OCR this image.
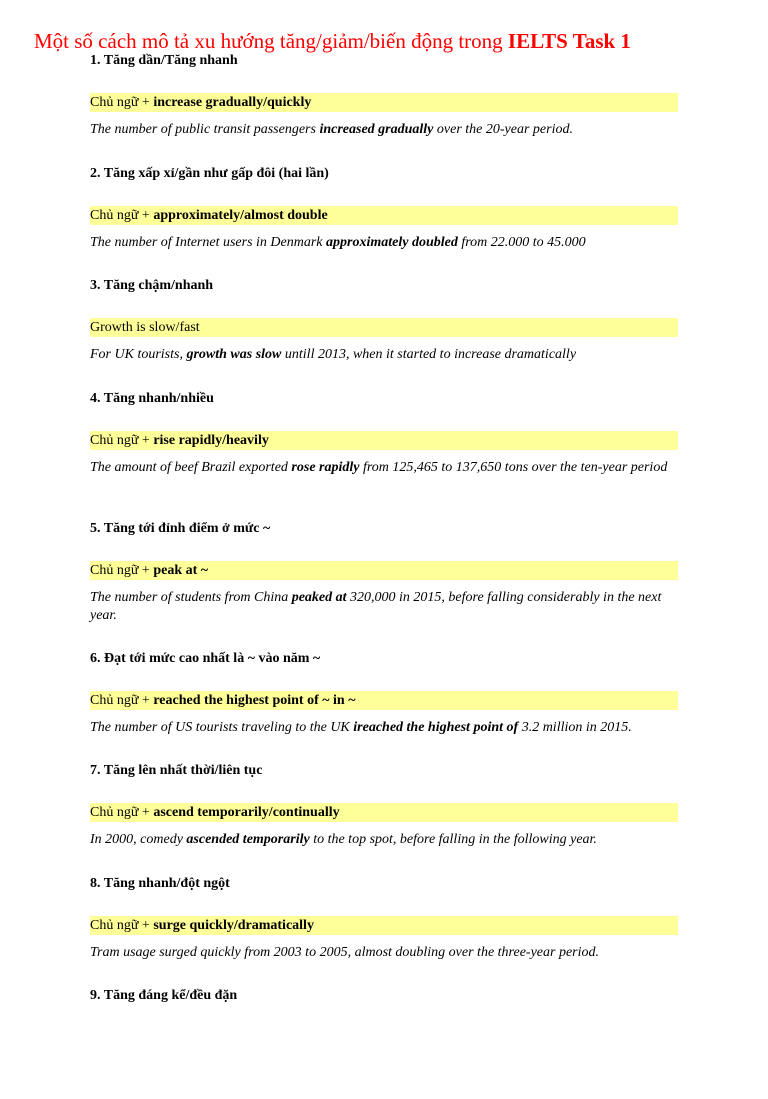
Một số cách mô tả xu hướng tăng/giảm/biến động trong IELTS Task 1
1. Tăng dần/Tăng nhanh
Chủ ngữ + increase gradually/quickly
The number of public transit passengers increased gradually over the 20-year period.
2. Tăng xấp xỉ/gần như gấp đôi (hai lần)
Chủ ngữ + approximately/almost double
The number of Internet users in Denmark approximately doubled from 22.000 to 45.000
3. Tăng chậm/nhanh
Growth is slow/fast
For UK tourists, growth was slow untill 2013, when it started to increase dramatically
4. Tăng nhanh/nhiều
Chủ ngữ + rise rapidly/heavily
The amount of beef Brazil exported rose rapidly from 125,465 to 137,650 tons over the ten-year period
5. Tăng tới đỉnh điểm ở mức ~
Chủ ngữ + peak at ~
The number of students from China peaked at 320,000 in 2015, before falling considerably in the next year.
6. Đạt tới mức cao nhất là ~ vào năm ~
Chủ ngữ + reached the highest point of ~ in ~
The number of US tourists traveling to the UK ireached the highest point of 3.2 million in 2015.
7. Tăng lên nhất thời/liên tục
Chủ ngữ + ascend temporarily/continually
In 2000, comedy ascended temporarily to the top spot, before falling in the following year.
8. Tăng nhanh/đột ngột
Chủ ngữ + surge quickly/dramatically
Tram usage surged quickly from 2003 to 2005, almost doubling over the three-year period.
9. Tăng đáng kể/đều đặn
